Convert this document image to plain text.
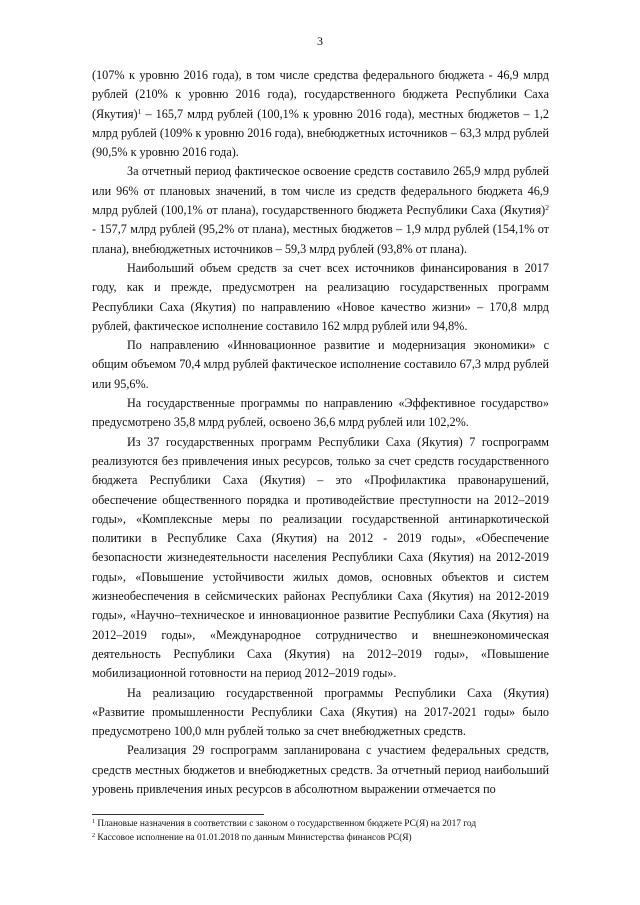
3

(107% к уровню 2016 года), в том числе средства федерального бюджета - 46,9 млрд рублей (210% к уровню 2016 года), государственного бюджета Республики Саха (Якутия)$^1$ – 165,7 млрд рублей (100,1% к уровню 2016 года), местных бюджетов – 1,2 млрд рублей (109% к уровню 2016 года), внебюджетных источников – 63,3 млрд рублей (90,5% к уровню 2016 года).

За отчетный период фактическое освоение средств составило 265,9 млрд рублей или 96% от плановых значений, в том числе из средств федерального бюджета 46,9 млрд рублей (100,1% от плана), государственного бюджета Республики Саха (Якутия)$^2$ - 157,7 млрд рублей (95,2% от плана), местных бюджетов – 1,9 млрд рублей (154,1% от плана), внебюджетных источников – 59,3 млрд рублей (93,8% от плана).

Наибольший объем средств за счет всех источников финансирования в 2017 году, как и прежде, предусмотрен на реализацию государственных программ Республики Саха (Якутия) по направлению «Новое качество жизни» – 170,8 млрд рублей, фактическое исполнение составило 162 млрд рублей или 94,8%.

По направлению «Инновационное развитие и модернизация экономики» с общим объемом 70,4 млрд рублей фактическое исполнение составило 67,3 млрд рублей или 95,6%.

На государственные программы по направлению «Эффективное государство» предусмотрено 35,8 млрд рублей, освоено 36,6 млрд рублей или 102,2%.

Из 37 государственных программ Республики Саха (Якутия) 7 госпрограмм реализуются без привлечения иных ресурсов, только за счет средств государственного бюджета Республики Саха (Якутия) – это «Профилактика правонарушений, обеспечение общественного порядка и противодействие преступности на 2012–2019 годы», «Комплексные меры по реализации государственной антинаркотической политики в Республике Саха (Якутия) на 2012 - 2019 годы», «Обеспечение безопасности жизнедеятельности населения Республики Саха (Якутия) на 2012-2019 годы», «Повышение устойчивости жилых домов, основных объектов и систем жизнеобеспечения в сейсмических районах Республики Саха (Якутия) на 2012-2019 годы», «Научно–техническое и инновационное развитие Республики Саха (Якутия) на 2012–2019 годы», «Международное сотрудничество и внешнеэкономическая деятельность Республики Саха (Якутия) на 2012–2019 годы», «Повышение мобилизационной готовности на период 2012–2019 годы».

На реализацию государственной программы Республики Саха (Якутия) «Развитие промышленности Республики Саха (Якутия) на 2017-2021 годы» было предусмотрено 100,0 млн рублей только за счет внебюджетных средств.

Реализация 29 госпрограмм запланирована с участием федеральных средств, средств местных бюджетов и внебюджетных средств. За отчетный период наибольший уровень привлечения иных ресурсов в абсолютном выражении отмечается по

$^1$ Плановые назначения в соответствии с законом о государственном бюджете РС(Я) на 2017 год
$^2$ Кассовое исполнение на 01.01.2018 по данным Министерства финансов РС(Я)
